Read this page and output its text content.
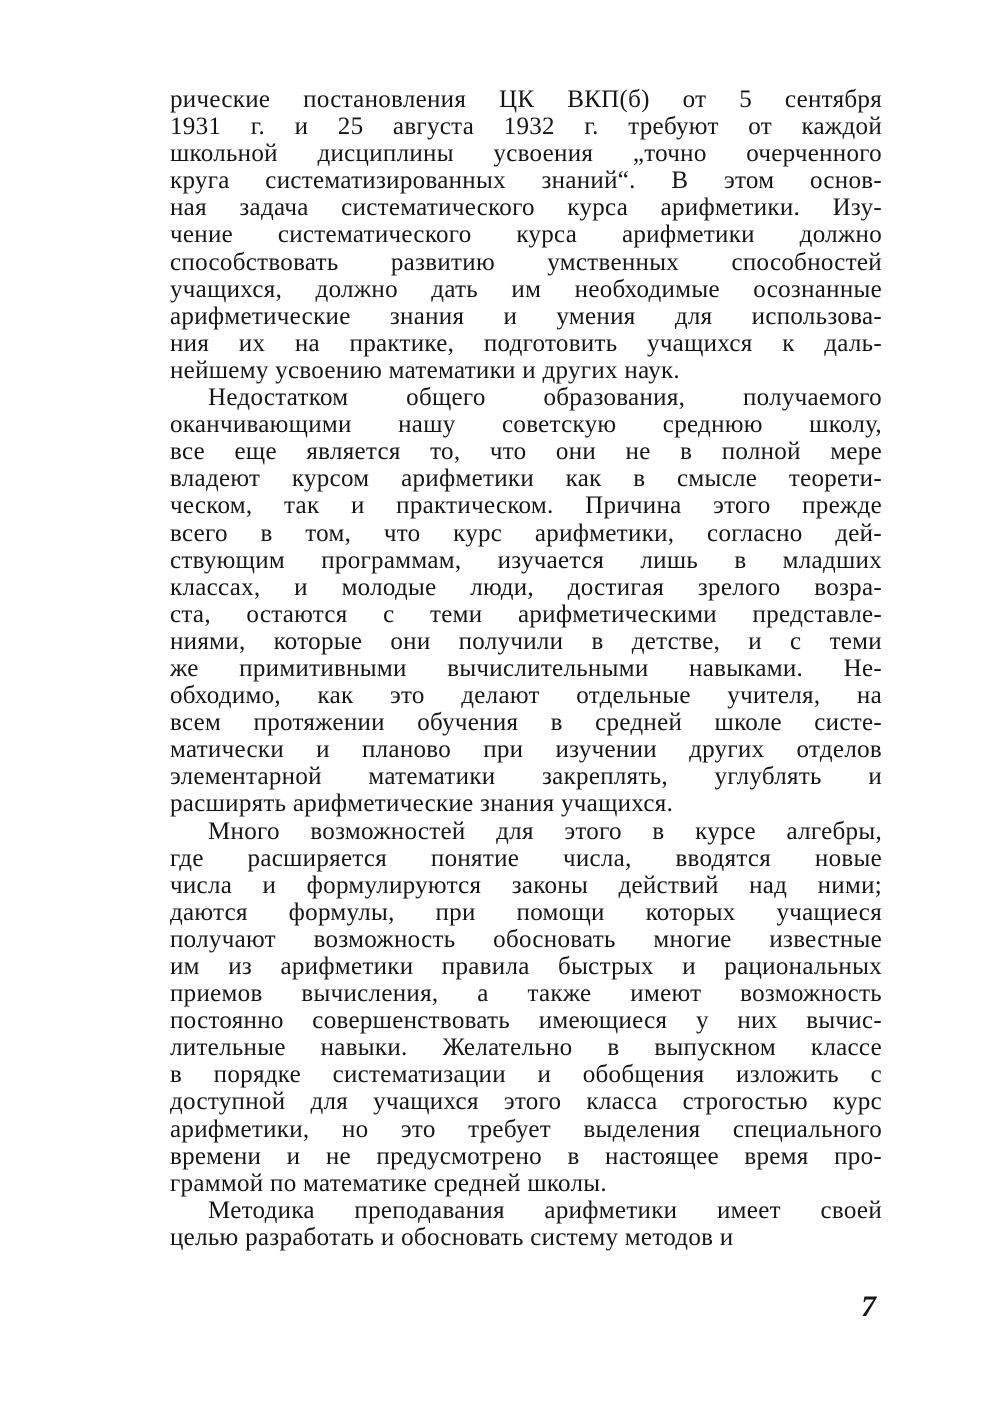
рические постановления ЦК ВКП(б) от 5 сентября
1931 г. и 25 августа 1932 г. требуют от каждой
школьной дисциплины усвоения „точно очерченного
круга систематизированных знаний“. В этом основ-
ная задача систематического курса арифметики. Изу-
чение систематического курса арифметики должно
способствовать развитию умственных способностей
учащихся, должно дать им необходимые осознанные
арифметические знания и умения для использова-
ния их на практике, подготовить учащихся к даль-
нейшему усвоению математики и других наук.
Недостатком общего образования, получаемого
оканчивающими нашу советскую среднюю школу,
все еще является то, что они не в полной мере
владеют курсом арифметики как в смысле теорети-
ческом, так и практическом. Причина этого прежде
всего в том, что курс арифметики, согласно дей-
ствующим программам, изучается лишь в младших
классах, и молодые люди, достигая зрелого возра-
ста, остаются с теми арифметическими представле-
ниями, которые они получили в детстве, и с теми
же примитивными вычислительными навыками. Не-
обходимо, как это делают отдельные учителя, на
всем протяжении обучения в средней школе систе-
матически и планово при изучении других отделов
элементарной математики закреплять, углублять и
расширять арифметические знания учащихся.
Много возможностей для этого в курсе алгебры,
где расширяется понятие числа, вводятся новые
числа и формулируются законы действий над ними;
даются формулы, при помощи которых учащиеся
получают возможность обосновать многие известные
им из арифметики правила быстрых и рациональных
приемов вычисления, а также имеют возможность
постоянно совершенствовать имеющиеся у них вычис-
лительные навыки. Желательно в выпускном классе
в порядке систематизации и обобщения изложить с
доступной для учащихся этого класса строгостью курс
арифметики, но это требует выделения специального
времени и не предусмотрено в настоящее время про-
граммой по математике средней школы.
Методика преподавания арифметики имеет своей
целью разработать и обосновать систему методов и
7
